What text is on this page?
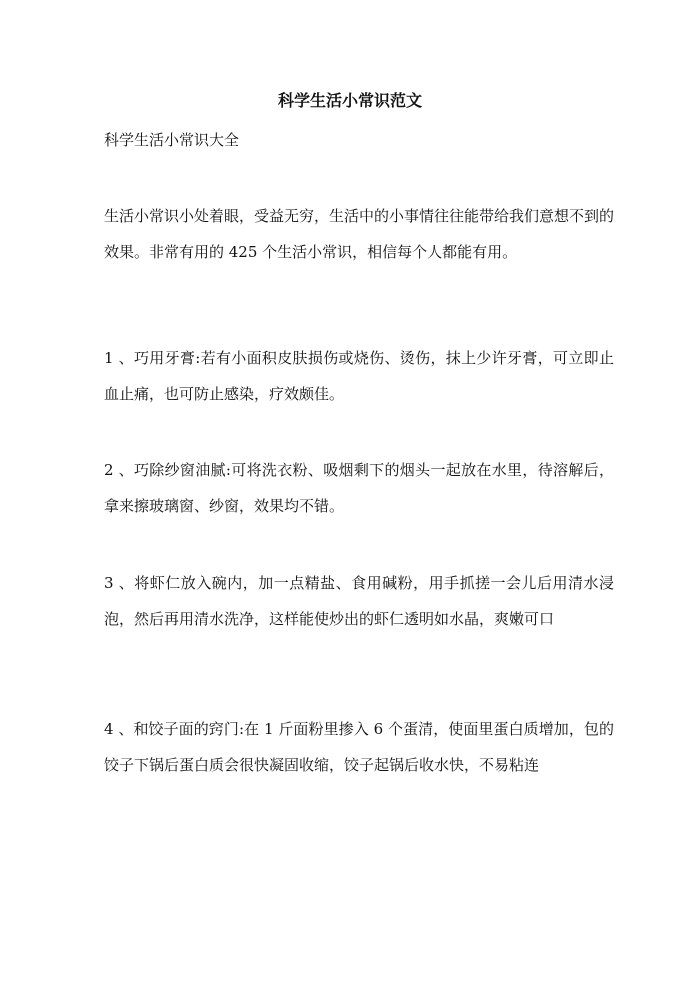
科学生活小常识范文
科学生活小常识大全

生活小常识小处着眼，受益无穷，生活中的小事情往往能带给我们意想不到的效果。非常有用的 425 个生活小常识，相信每个人都能有用。

1 、巧用牙膏:若有小面积皮肤损伤或烧伤、烫伤，抹上少许牙膏，可立即止血止痛，也可防止感染，疗效颇佳。

2 、巧除纱窗油腻:可将洗衣粉、吸烟剩下的烟头一起放在水里，待溶解后，拿来擦玻璃窗、纱窗，效果均不错。

3 、将虾仁放入碗内，加一点精盐、食用碱粉，用手抓搓一会儿后用清水浸泡，然后再用清水洗净，这样能使炒出的虾仁透明如水晶，爽嫩可口

4 、和饺子面的窍门:在 1 斤面粉里掺入 6 个蛋清，使面里蛋白质增加，包的饺子下锅后蛋白质会很快凝固收缩，饺子起锅后收水快，不易粘连
